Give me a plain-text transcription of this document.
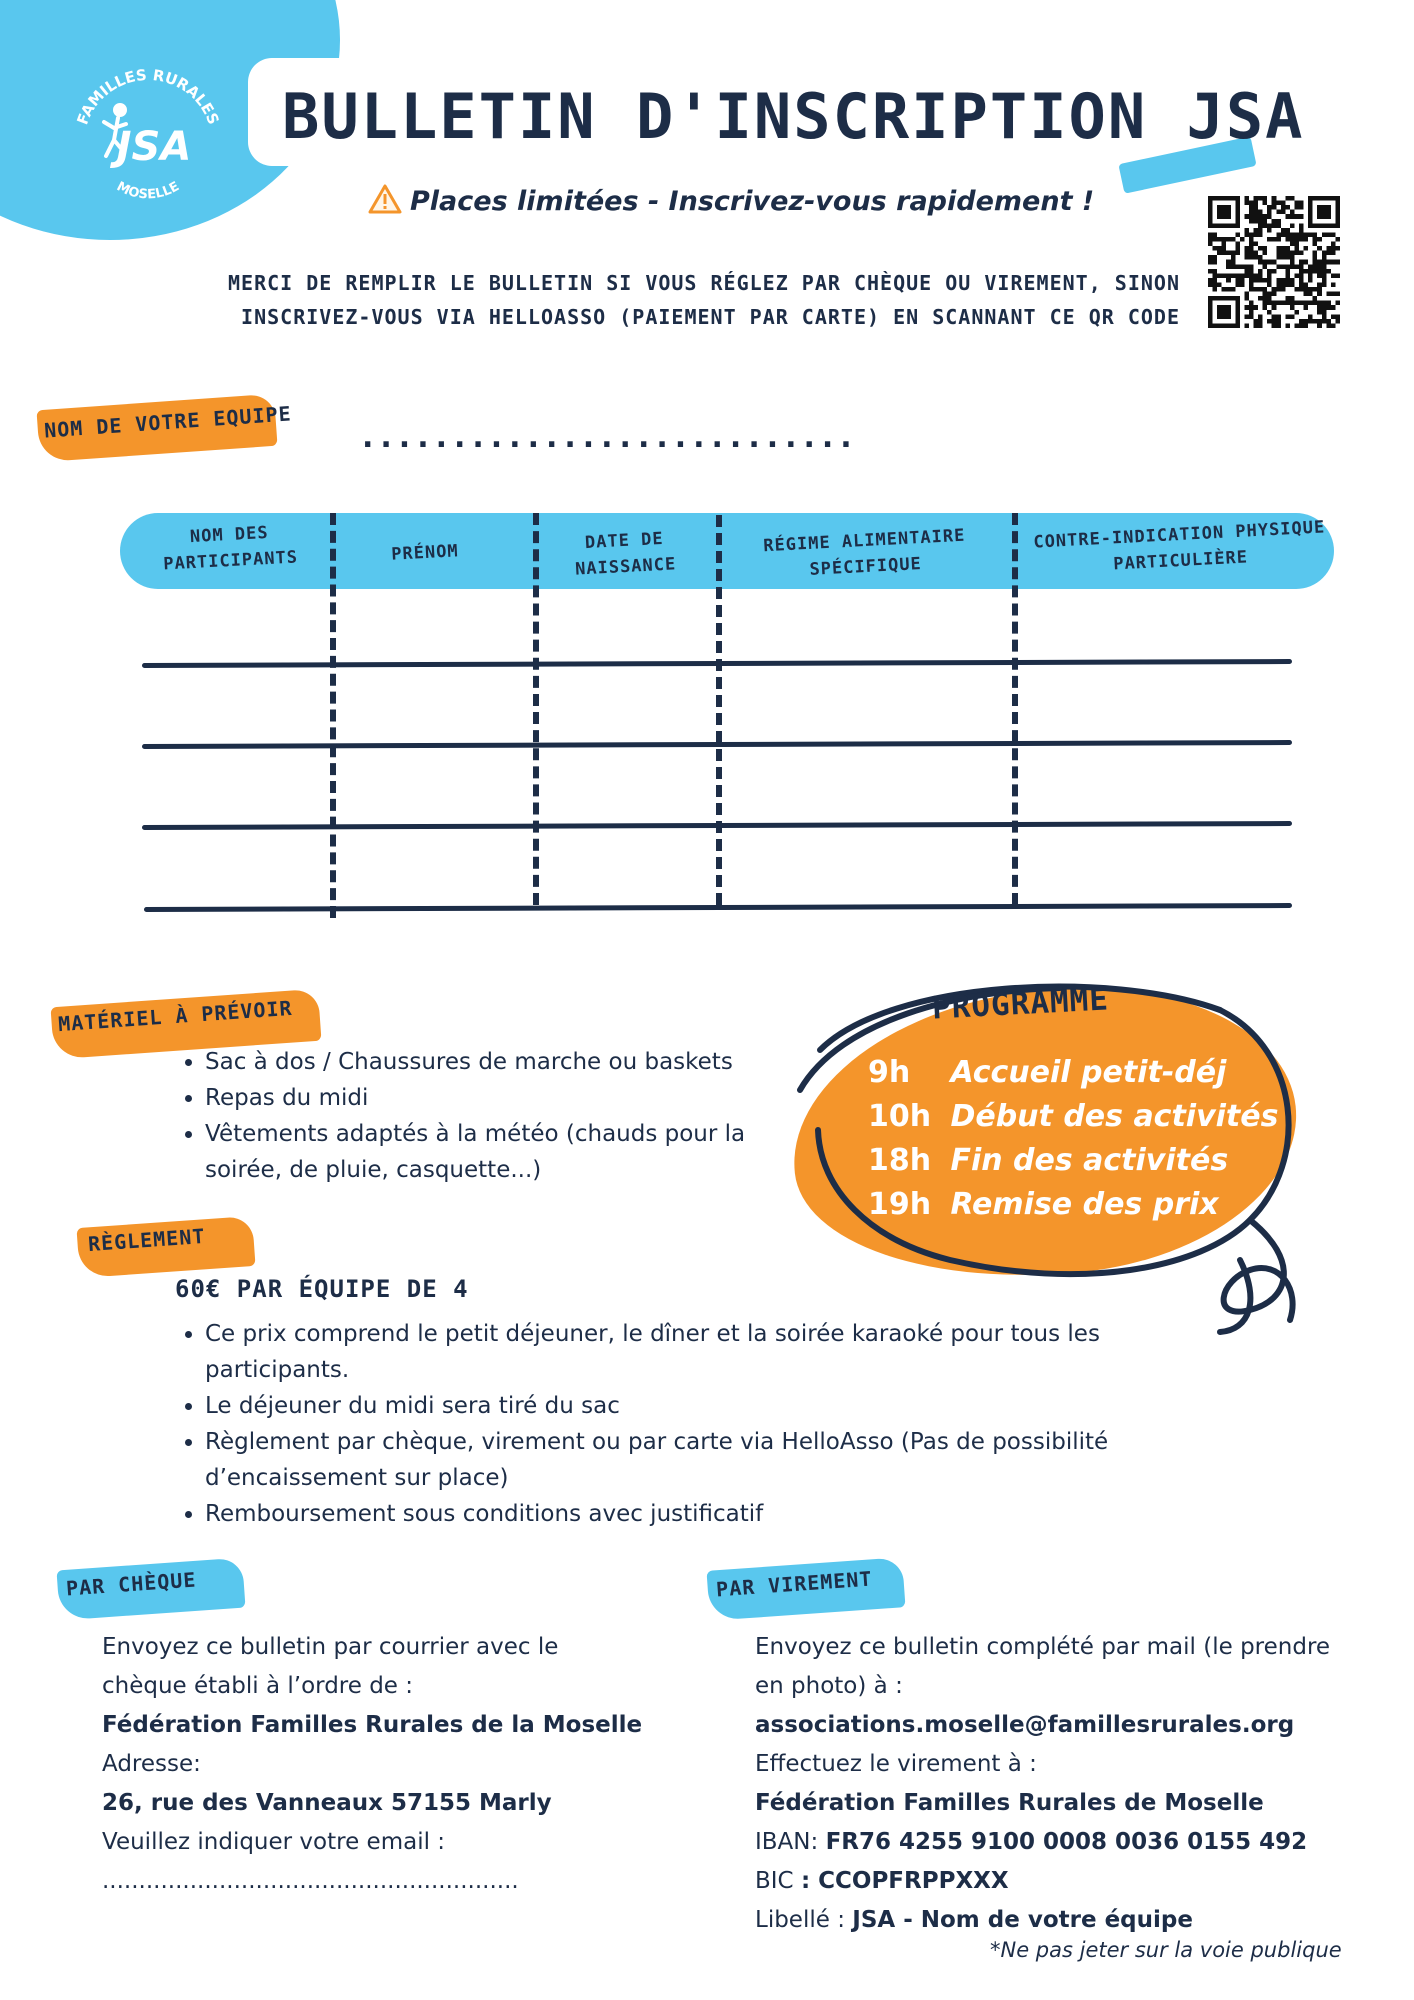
FAMILLES RURALES
MOSELLE
JSA BULLETIN D'INSCRIPTION JSA
Places limitées - Inscrivez-vous rapidement !
MERCI DE REMPLIR LE BULLETIN SI VOUS RÉGLEZ PAR CHÈQUE OU VIREMENT, SINON
INSCRIVEZ-VOUS VIA HELLOASSO (PAIEMENT PAR CARTE) EN SCANNANT CE QR CODE
NOM DE VOTRE EQUIPE ...........................
NOM DES
PARTICIPANTS	PRÉNOM	DATE DE
NAISSANCE
RÉGIME ALIMENTAIRE
SPÉCIFIQUE
CONTRE-INDICATION PHYSIQUE
PARTICULIÈRE
MATÉRIEL À PRÉVOIR
• Sac à dos / Chaussures de marche ou baskets
• Repas du midi
• Vêtements adaptés à la météo (chauds pour la soirée, de pluie, casquette...)
PROGRAMME
9h Accueil petit-déj
10h Début des activités
18h Fin des activités
19h Remise des prix
RÈGLEMENT
60€ PAR ÉQUIPE DE 4
• Ce prix comprend le petit déjeuner, le dîner et la soirée karaoké pour tous les participants.
• Le déjeuner du midi sera tiré du sac
• Règlement par chèque, virement ou par carte via HelloAsso (Pas de possibilité d’encaissement sur place)
• Remboursement sous conditions avec justificatif
PAR CHÈQUE
Envoyez ce bulletin par courrier avec le
chèque établi à l’ordre de :
Fédération Familles Rurales de la Moselle
Adresse:
26, rue des Vanneaux 57155 Marly
Veuillez indiquer votre email :
.........................................................
PAR VIREMENT
Envoyez ce bulletin complété par mail (le prendre
en photo) à :
associations.moselle@famillesrurales.org
Effectuez le virement à :
Fédération Familles Rurales de Moselle
IBAN: FR76 4255 9100 0008 0036 0155 492
BIC : CCOPFRPPXXX
Libellé : JSA - Nom de votre équipe
*Ne pas jeter sur la voie publique
